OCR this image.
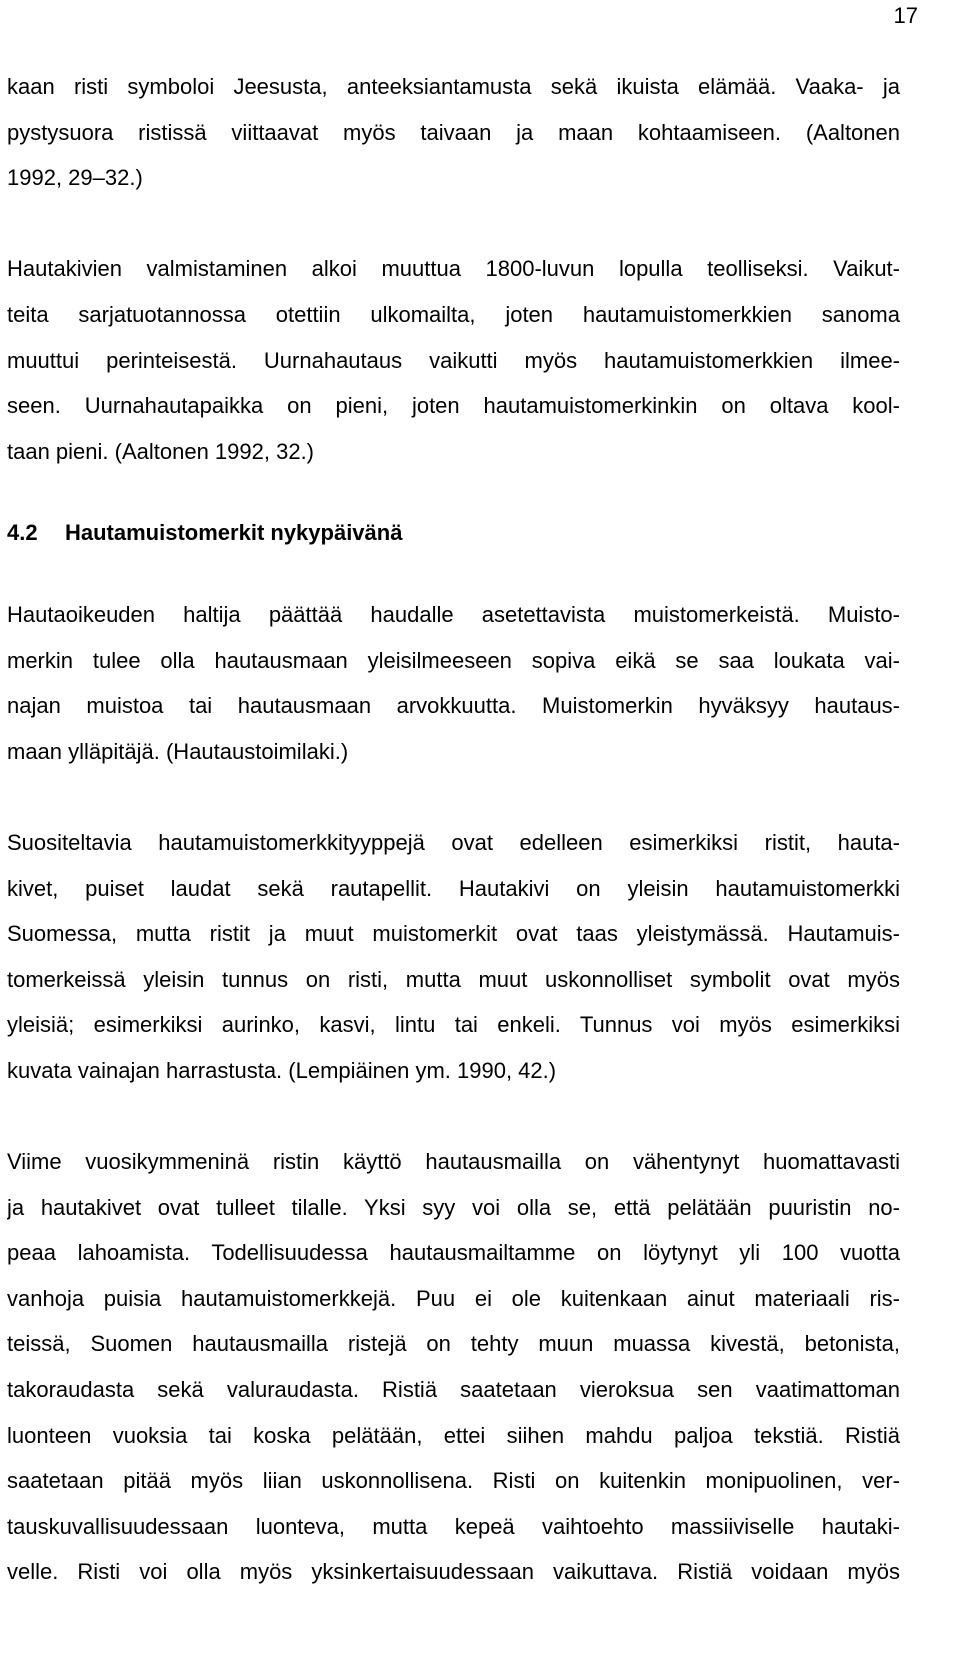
17
kaan risti symboloi Jeesusta, anteeksiantamusta sekä ikuista elämää. Vaaka- ja
pystysuora ristissä viittaavat myös taivaan ja maan kohtaamiseen. (Aaltonen
1992, 29–32.)
Hautakivien valmistaminen alkoi muuttua 1800-luvun lopulla teolliseksi. Vaikut-
teita sarjatuotannossa otettiin ulkomailta, joten hautamuistomerkkien sanoma
muuttui perinteisestä. Uurnahautaus vaikutti myös hautamuistomerkkien ilmee-
seen. Uurnahautapaikka on pieni, joten hautamuistomerkinkin on oltava kool-
taan pieni. (Aaltonen 1992, 32.)
4.2	Hautamuistomerkit nykypäivänä
Hautaoikeuden haltija päättää haudalle asetettavista muistomerkeistä. Muisto-
merkin tulee olla hautausmaan yleisilmeeseen sopiva eikä se saa loukata vai-
najan muistoa tai hautausmaan arvokkuutta. Muistomerkin hyväksyy hautaus-
maan ylläpitäjä. (Hautaustoimilaki.)
Suositeltavia hautamuistomerkkityyppejä ovat edelleen esimerkiksi ristit, hauta-
kivet, puiset laudat sekä rautapellit. Hautakivi on yleisin hautamuistomerkki
Suomessa, mutta ristit ja muut muistomerkit ovat taas yleistymässä. Hautamuis-
tomerkeissä yleisin tunnus on risti, mutta muut uskonnolliset symbolit ovat myös
yleisiä; esimerkiksi aurinko, kasvi, lintu tai enkeli. Tunnus voi myös esimerkiksi
kuvata vainajan harrastusta. (Lempiäinen ym. 1990, 42.)
Viime vuosikymmeninä ristin käyttö hautausmailla on vähentynyt huomattavasti
ja hautakivet ovat tulleet tilalle. Yksi syy voi olla se, että pelätään puuristin no-
peaa lahoamista. Todellisuudessa hautausmailtamme on löytynyt yli 100 vuotta
vanhoja puisia hautamuistomerkkejä. Puu ei ole kuitenkaan ainut materiaali ris-
teissä, Suomen hautausmailla ristejä on tehty muun muassa kivestä, betonista,
takoraudasta sekä valuraudasta. Ristiä saatetaan vieroksua sen vaatimattoman
luonteen vuoksia tai koska pelätään, ettei siihen mahdu paljoa tekstiä. Ristiä
saatetaan pitää myös liian uskonnollisena. Risti on kuitenkin monipuolinen, ver-
tauskuvallisuudessaan luonteva, mutta kepeä vaihtoehto massiiviselle hautaki-
velle. Risti voi olla myös yksinkertaisuudessaan vaikuttava. Ristiä voidaan myös
